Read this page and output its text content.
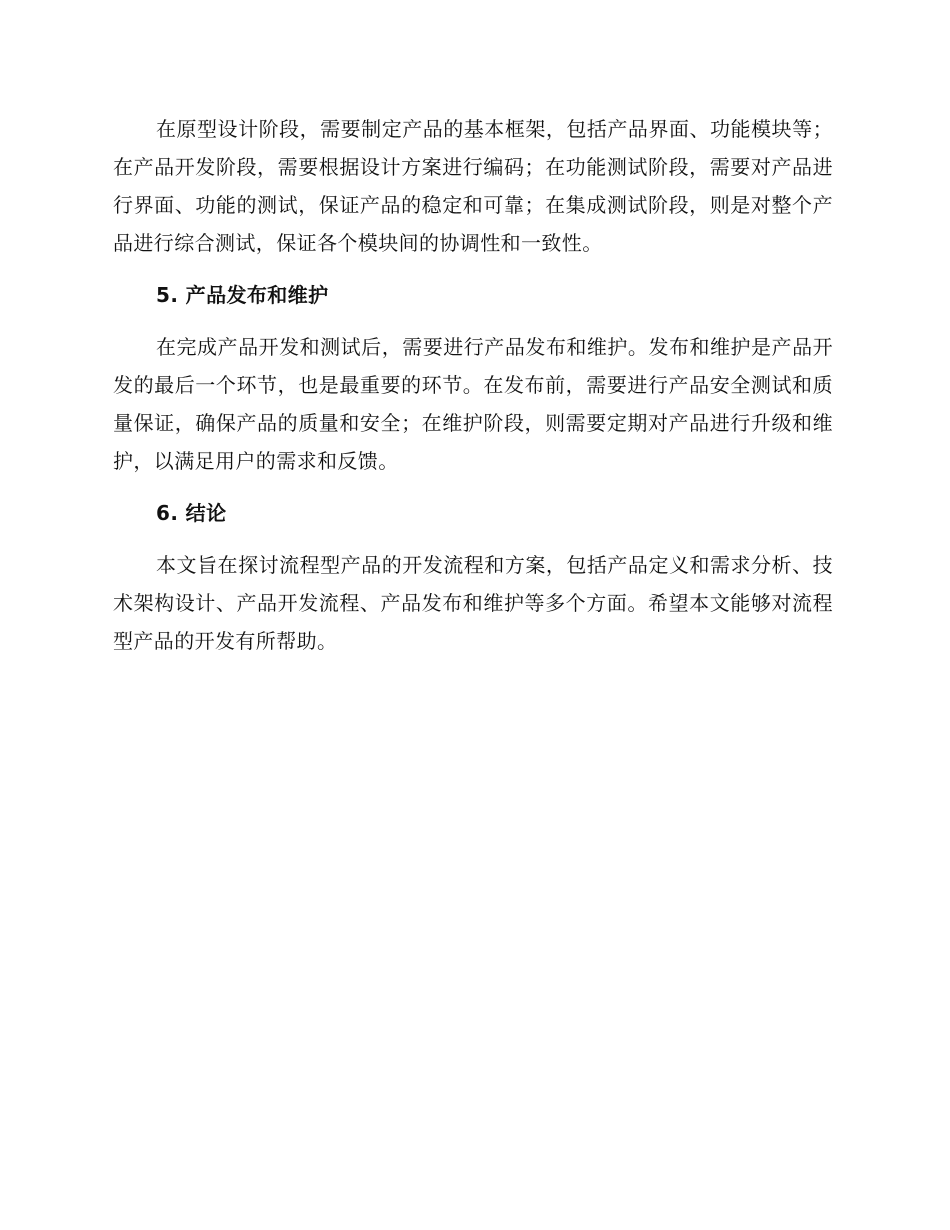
在原型设计阶段，需要制定产品的基本框架，包括产品界面、功能模块等；在产品开发阶段，需要根据设计方案进行编码；在功能测试阶段，需要对产品进行界面、功能的测试，保证产品的稳定和可靠；在集成测试阶段，则是对整个产品进行综合测试，保证各个模块间的协调性和一致性。

5. 产品发布和维护

在完成产品开发和测试后，需要进行产品发布和维护。发布和维护是产品开发的最后一个环节，也是最重要的环节。在发布前，需要进行产品安全测试和质量保证，确保产品的质量和安全；在维护阶段，则需要定期对产品进行升级和维护，以满足用户的需求和反馈。

6. 结论

本文旨在探讨流程型产品的开发流程和方案，包括产品定义和需求分析、技术架构设计、产品开发流程、产品发布和维护等多个方面。希望本文能够对流程型产品的开发有所帮助。
